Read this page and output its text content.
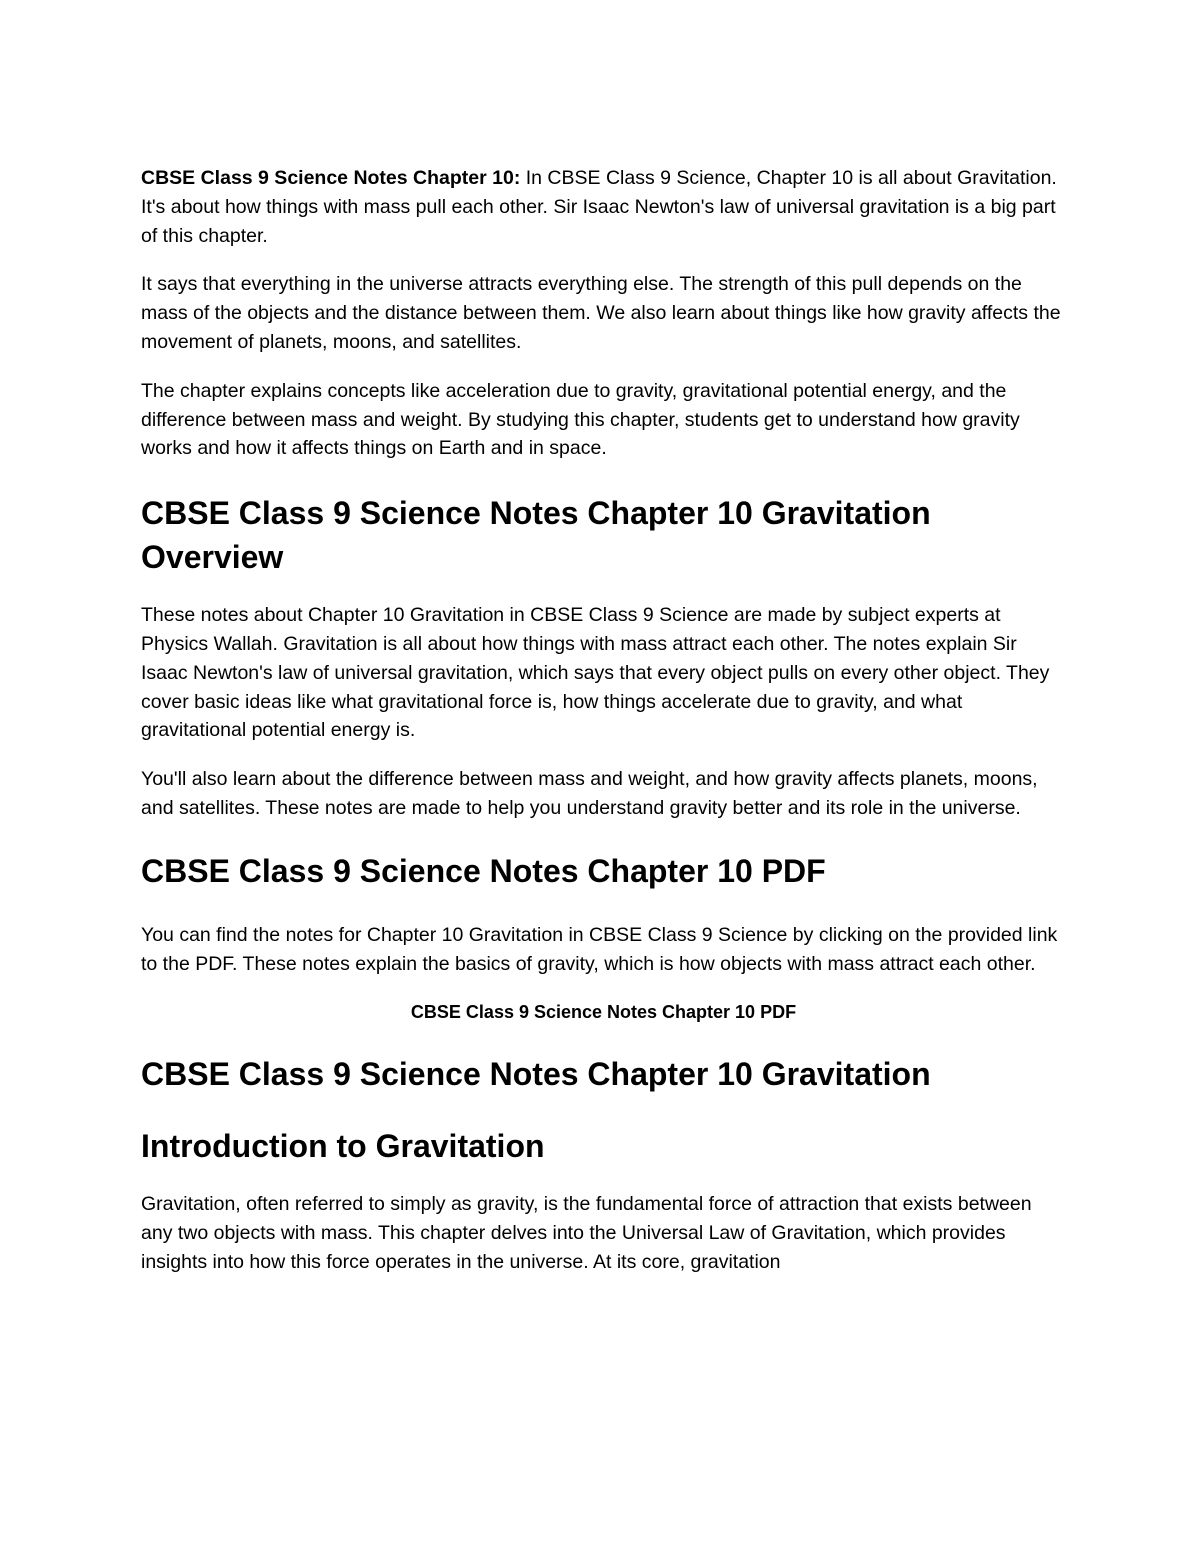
CBSE Class 9 Science Notes Chapter 10: In CBSE Class 9 Science, Chapter 10 is all about Gravitation. It's about how things with mass pull each other. Sir Isaac Newton's law of universal gravitation is a big part of this chapter.

It says that everything in the universe attracts everything else. The strength of this pull depends on the mass of the objects and the distance between them. We also learn about things like how gravity affects the movement of planets, moons, and satellites.

The chapter explains concepts like acceleration due to gravity, gravitational potential energy, and the difference between mass and weight. By studying this chapter, students get to understand how gravity works and how it affects things on Earth and in space.

CBSE Class 9 Science Notes Chapter 10 Gravitation Overview

These notes about Chapter 10 Gravitation in CBSE Class 9 Science are made by subject experts at Physics Wallah. Gravitation is all about how things with mass attract each other. The notes explain Sir Isaac Newton's law of universal gravitation, which says that every object pulls on every other object. They cover basic ideas like what gravitational force is, how things accelerate due to gravity, and what gravitational potential energy is.

You'll also learn about the difference between mass and weight, and how gravity affects planets, moons, and satellites. These notes are made to help you understand gravity better and its role in the universe.

CBSE Class 9 Science Notes Chapter 10 PDF

You can find the notes for Chapter 10 Gravitation in CBSE Class 9 Science by clicking on the provided link to the PDF. These notes explain the basics of gravity, which is how objects with mass attract each other.

CBSE Class 9 Science Notes Chapter 10 PDF
CBSE Class 9 Science Notes Chapter 10 Gravitation
Introduction to Gravitation

Gravitation, often referred to simply as gravity, is the fundamental force of attraction that exists between any two objects with mass. This chapter delves into the Universal Law of Gravitation, which provides insights into how this force operates in the universe. At its core, gravitation
